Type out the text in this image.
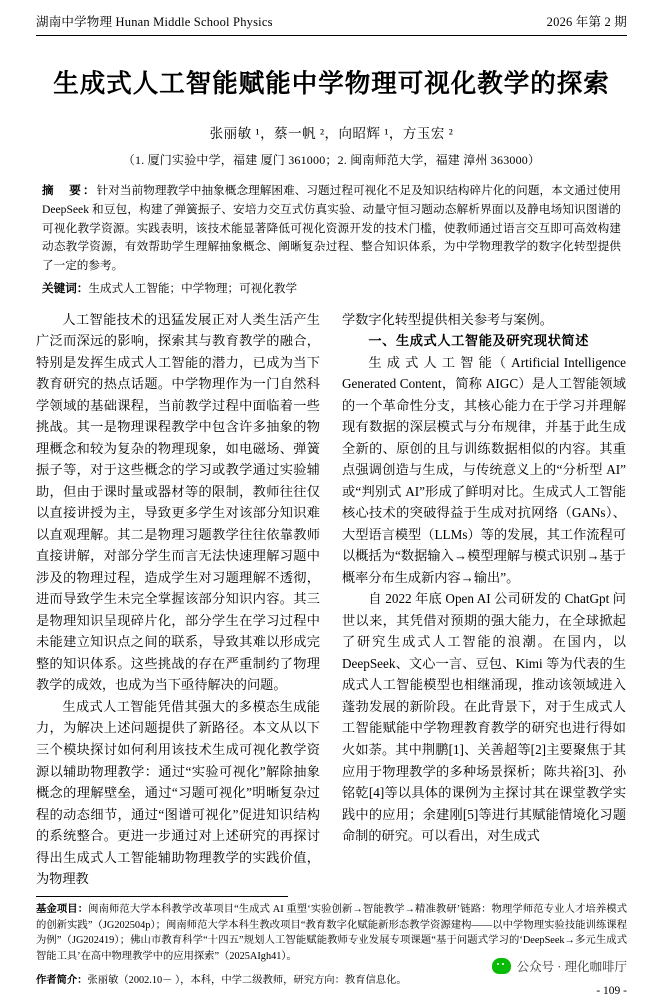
湖南中学物理 Hunan Middle School Physics	2026 年第 2 期
生成式人工智能赋能中学物理可视化教学的探索
张丽敏 ¹，蔡一帆 ²，向昭辉 ¹，方玉宏 ²
（1. 厦门实验中学，福建 厦门 361000；2. 闽南师范大学，福建 漳州 363000）
摘　要：针对当前物理教学中抽象概念理解困难、习题过程可视化不足及知识结构碎片化的问题，本文通过使用 DeepSeek 和豆包，构建了弹簧振子、安培力交互式仿真实验、动量守恒习题动态解析界面以及静电场知识图谱的可视化教学资源。实践表明，该技术能显著降低可视化资源开发的技术门槛，使教师通过语言交互即可高效构建动态教学资源，有效帮助学生理解抽象概念、阐晰复杂过程、整合知识体系，为中学物理教学的数字化转型提供了一定的参考。
关键词：生成式人工智能；中学物理；可视化教学

人工智能技术的迅猛发展正对人类生活产生广泛而深远的影响，探索其与教育教学的融合，特别是发挥生成式人工智能的潜力，已成为当下教育研究的热点话题。中学物理作为一门自然科学领域的基础课程，当前教学过程中面临着一些挑战。其一是物理课程教学中包含许多抽象的物理概念和较为复杂的物理现象，如电磁场、弹簧振子等，对于这些概念的学习或教学通过实验辅助，但由于课时量或器材等的限制，教师往往仅以直接讲授为主，导致更多学生对该部分知识难以直观理解。其二是物理习题教学往往依靠教师直接讲解，对部分学生而言无法快速理解习题中涉及的物理过程，造成学生对习题理解不透彻，进而导致学生未完全掌握该部分知识内容。其三是物理知识呈现碎片化，部分学生在学习过程中未能建立知识点之间的联系，导致其难以形成完整的知识体系。这些挑战的存在严重制约了物理教学的成效，也成为当下亟待解决的问题。

生成式人工智能凭借其强大的多模态生成能力，为解决上述问题提供了新路径。本文从以下三个模块探讨如何利用该技术生成可视化教学资源以辅助物理教学：通过“实验可视化”解除抽象概念的理解壁垒，通过“习题可视化”明晰复杂过程的动态细节，通过“图谱可视化”促进知识结构的系统整合。更进一步通过对上述研究的再探讨得出生成式人工智能辅助物理教学的实践价值，为物理教

学数字化转型提供相关参考与案例。

一、生成式人工智能及研究现状简述

生 成 式 人 工 智 能（ Artificial Intelligence Generated Content，简称 AIGC）是人工智能领域的一个革命性分支，其核心能力在于学习并理解现有数据的深层模式与分布规律，并基于此生成全新的、原创的且与训练数据相似的内容。其重点强调创造与生成，与传统意义上的“分析型 AI”或“判别式 AI”形成了鲜明对比。生成式人工智能核心技术的突破得益于生成对抗网络（GANs）、大型语言模型（LLMs）等的发展，其工作流程可以概括为“数据输入→模型理解与模式识别→基于概率分布生成新内容→输出”。

自 2022 年底 Open AI 公司研发的 ChatGpt 问世以来，其凭借对预期的强大能力，在全球掀起了研究生成式人工智能的浪潮。在国内，以 DeepSeek、文心一言、豆包、Kimi 等为代表的生成式人工智能模型也相继涌现，推动该领域进入蓬勃发展的新阶段。在此背景下，对于生成式人工智能赋能中学物理教育教学的研究也进行得如火如荼。其中荆鹏[1]、关善超等[2]主要聚焦于其应用于物理教学的多种场景探析；陈共裕[3]、孙铭乾[4]等以具体的课例为主探讨其在课堂教学实践中的应用；余建刚[5]等进行其赋能情境化习题命制的研究。可以看出，对生成式

基金项目：闽南师范大学本科教学改革项目“生成式 AI 重塑‘实验创新→智能教学→精准教研’链路：物理学师范专业人才培养模式的创新实践”（JG202504p）；闽南师范大学本科生教改项目“教育数字化赋能新形态教学资源建构——以中学物理实验技能训练课程为例”（JG202419）；佛山市教育科学“十四五”规划人工智能赋能教师专业发展专项课题“基于问题式学习的‘DeepSeek→多元生成式智能工具’在高中物理教学中的应用探索”（2025AIgh41）。

作者简介：张丽敏（2002.10－ ），本科，中学二级教师，研究方向：教育信息化。

公众号 · 理化咖啡厅
- 109 -
